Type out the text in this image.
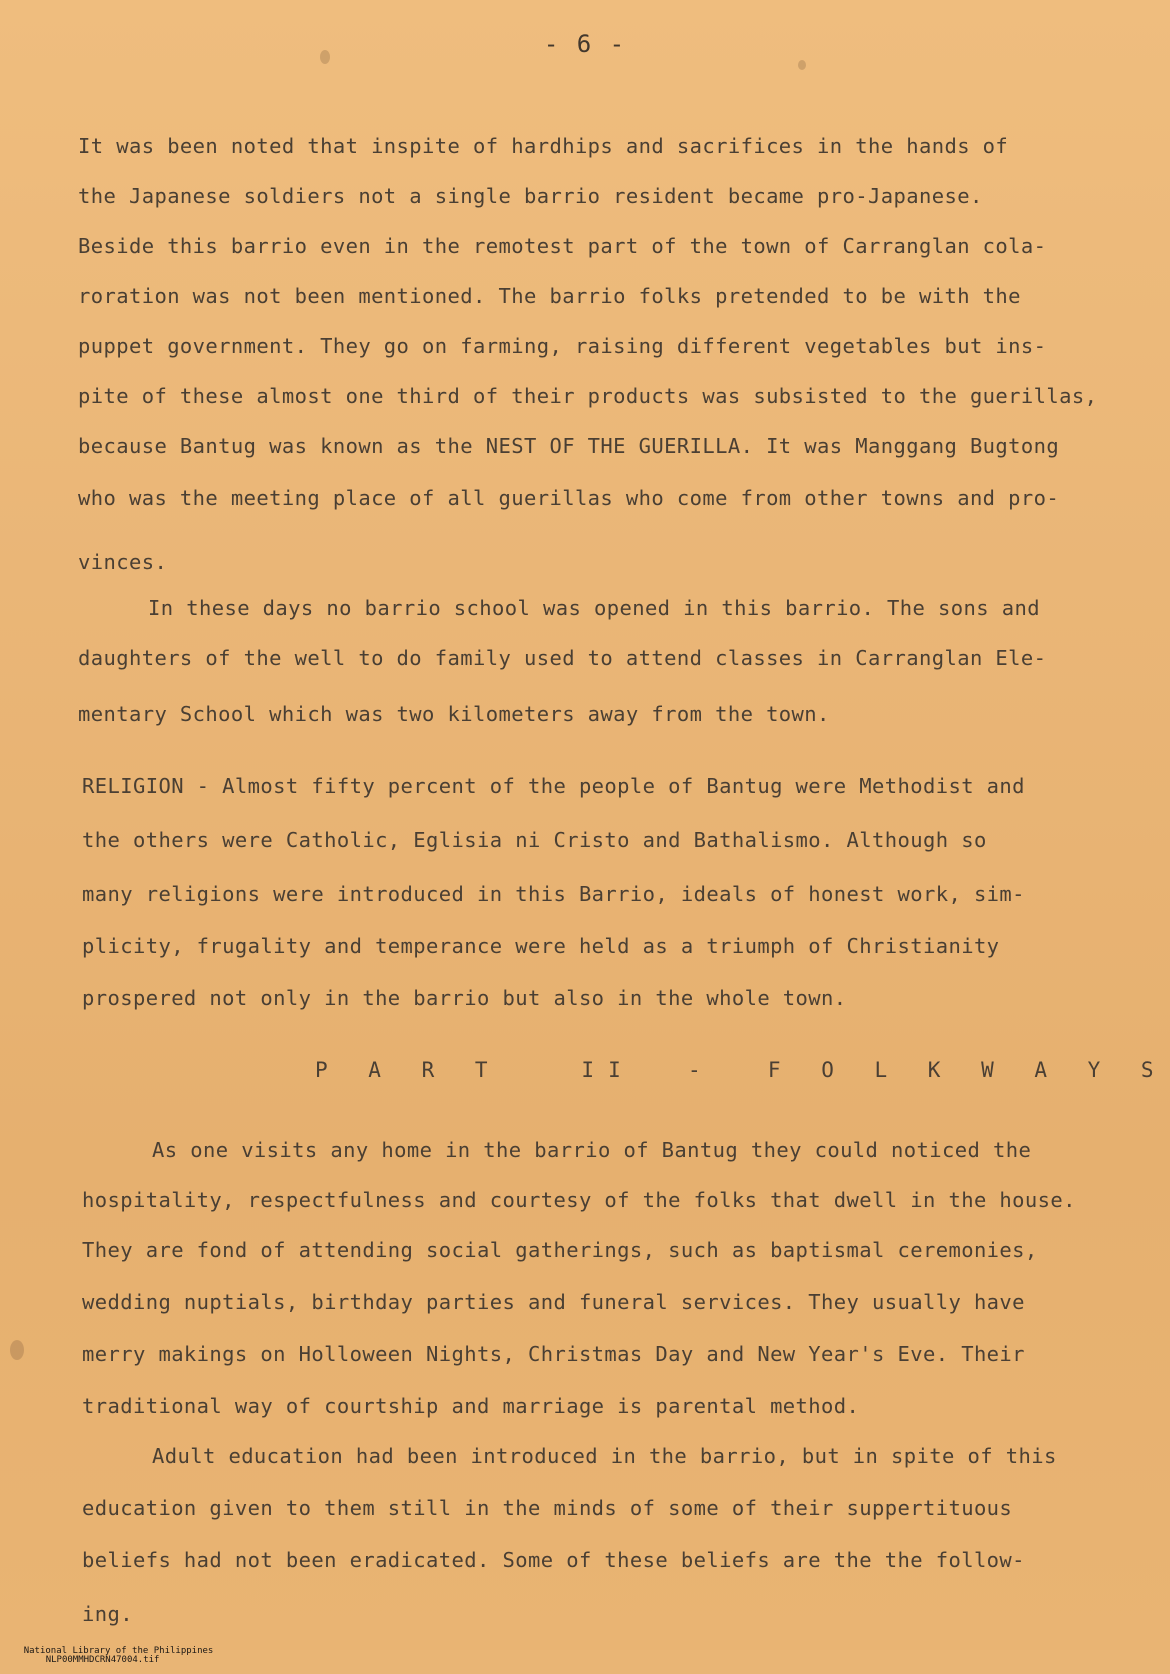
- 6 -
It was been noted that inspite of hardhips and sacrifices in the hands of
the Japanese soldiers not a single barrio resident became pro-Japanese.
Beside this barrio even in the remotest part of the town of Carranglan cola-
roration was not been mentioned. The barrio folks pretended to be with the
puppet government. They go on farming, raising different vegetables but ins-
pite of these almost one third of their products was subsisted to the guerillas,
because Bantug was known as the NEST OF THE GUERILLA. It was Manggang Bugtong
who was the meeting place of all guerillas who come from other towns and pro-
vinces.
In these days no barrio school was opened in this barrio. The sons and
daughters of the well to do family used to attend classes in Carranglan Ele-
mentary School which was two kilometers away from the town.
RELIGION - Almost fifty percent of the people of Bantug were Methodist and
the others were Catholic, Eglisia ni Cristo and Bathalismo. Although so
many religions were introduced in this Barrio, ideals of honest work, sim-
plicity, frugality and temperance were held as a triumph of Christianity
prospered not only in the barrio but also in the whole town.
P A R T   II  -  F O L K W A Y S
As one visits any home in the barrio of Bantug they could noticed the
hospitality, respectfulness and courtesy of the folks that dwell in the house.
They are fond of attending social gatherings, such as baptismal ceremonies,
wedding nuptials, birthday parties and funeral services. They usually have
merry makings on Holloween Nights, Christmas Day and New Year's Eve. Their
traditional way of courtship and marriage is parental method.
Adult education had been introduced in the barrio, but in spite of this
education given to them still in the minds of some of their suppertituous
beliefs had not been eradicated. Some of these beliefs are the the follow-
ing.

National Library of the Philippines
NLP00MMHDCRN47004.tif
